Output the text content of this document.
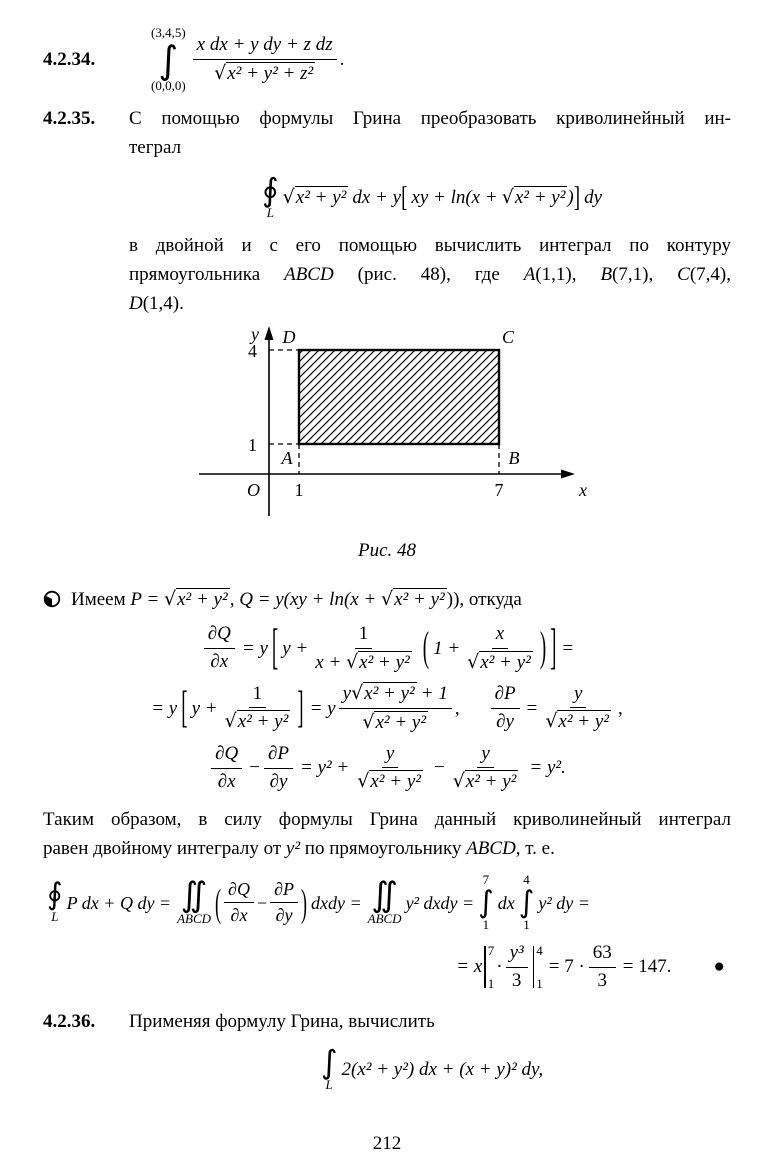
4.2.34.
(3,4,5)
∫
$(0,0,0) \frac{\text{x dx + y dy + z dz}}{\text{√x² + y² + z²}}$ .
4.2.35.	С помощью формулы Грина преобразовать криволинейный ин-
теграл
∮
L
√x² + y² dx + y [ xy + ln(x + √x² + y² ) ] dy
в двойной и с его помощью вычислить интеграл по контуру
прямоугольника ABCD (рис. 48), где A(1,1), B(7,1), C(7,4),
D(1,4).
y
x
O 1	7
4
1
D	C
A	B
Рис. 48
Имеем P = √x² + y² , Q = y(xy + ln(x + √x² + y² )), откуда
$\frac{\partial Q}{\partial x} = y$ [ $y + \frac{1}{\text{x + √x² + y²}}$ ( $1 + \frac{x}{\text{√x² + y²}}$ ) ] =
= y [ $y + \frac{1}{\text{√x² + y²}}$ ] = y $\frac{\text{y√x² + y² + 1}}{\text{√x² + y²}}$ , $\frac{\partial P}{\partial y} = \frac{y}{\text{√x² + y²}}$ ,
$\frac{\partial Q}{\partial x} - \frac{\partial P}{\partial y} = y^2 + \frac{y}{\text{√x² + y²}} - \frac{y}{\text{√x² + y²}} = y^2$.
Таким образом, в силу формулы Грина данный криволинейный интеграл
равен двойному интегралу от y² по прямоугольнику ABCD, т. е.
∮
L
P dx + Q dy = ∬
ABCD ( $\frac{\partial Q}{\partial x} - \frac{\partial P}{\partial y}$ ) dxdy = ∬
ABCD
y² dxdy =
7
∫
1
dx
4
∫
1
y² dy =
= x
7
1
· $\frac{\text{y³}}{3} 4$
1
= $7 \cdot \frac{63}{3} = 147$. ●
4.2.36.	Применяя формулу Грина, вычислить
∫
L
2(x² + y²) dx + (x + y)² dy,
212
